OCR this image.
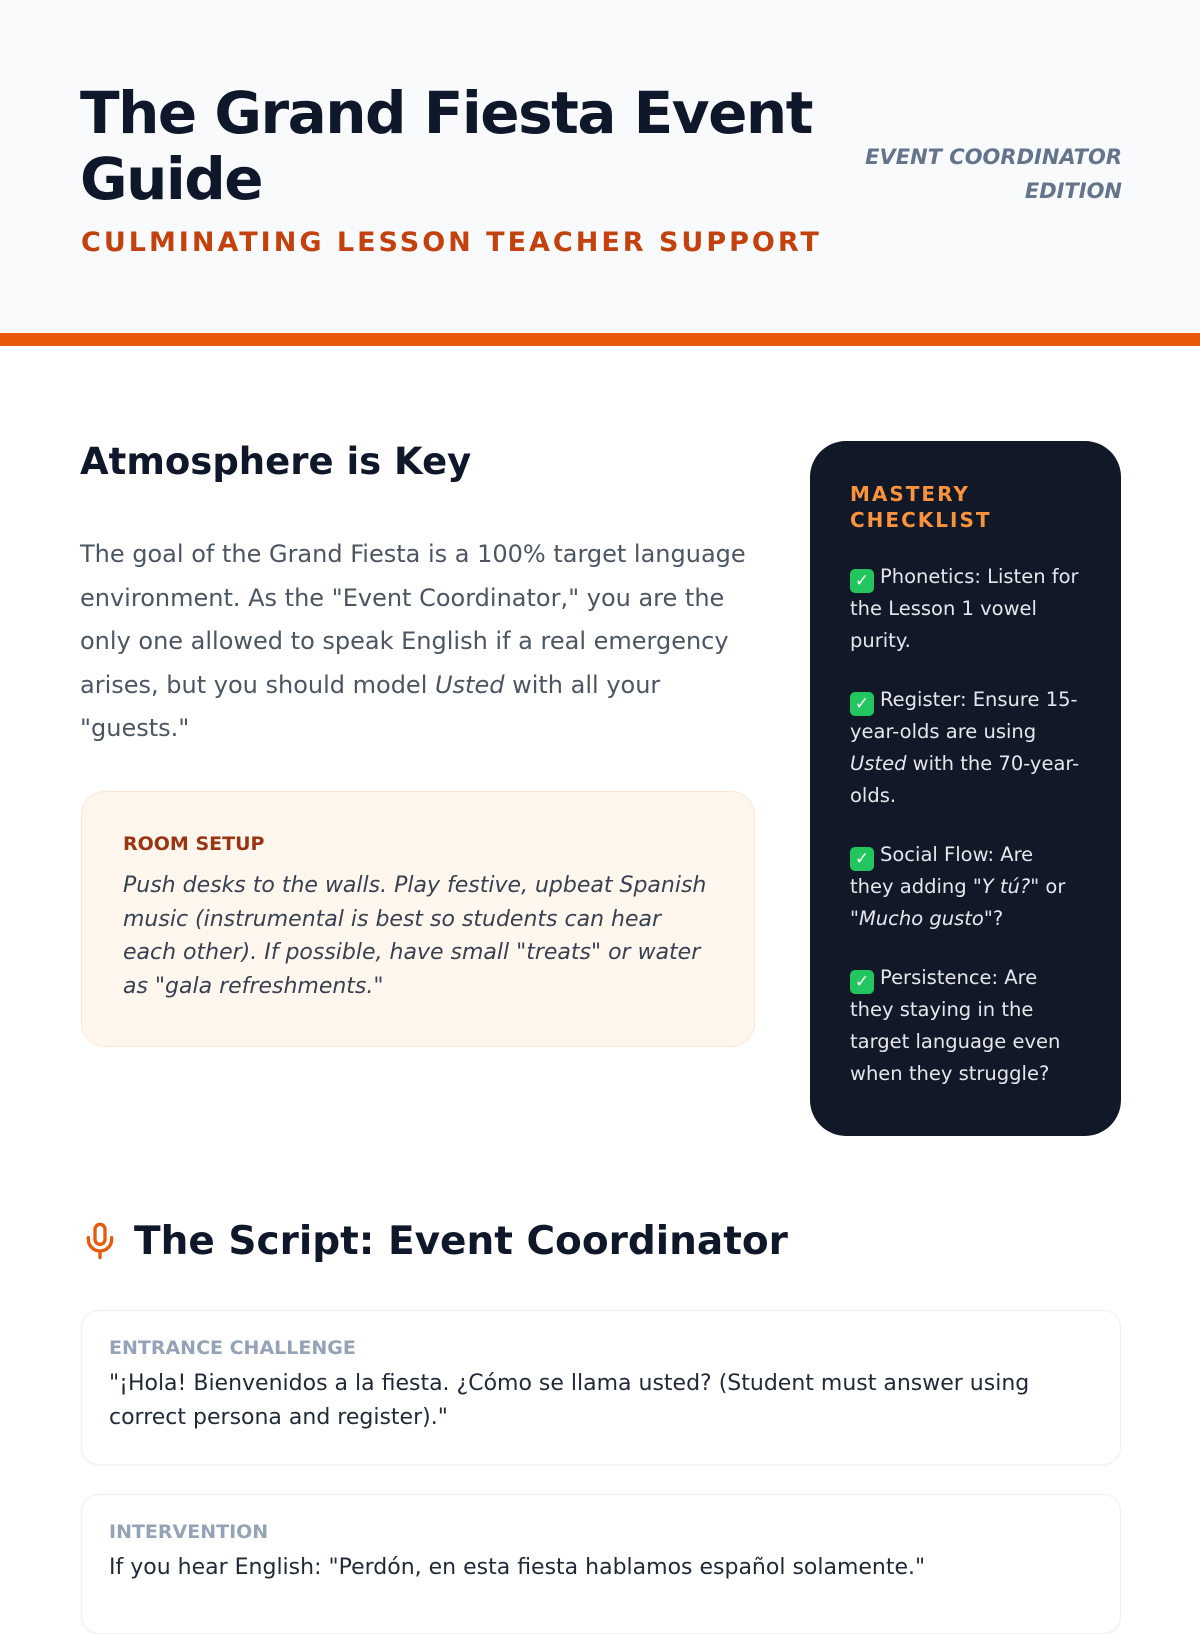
The Grand Fiesta Event Guide
CULMINATING LESSON TEACHER SUPPORT
EVENT COORDINATOR EDITION
Atmosphere is Key

The goal of the Grand Fiesta is a 100% target language environment. As the "Event Coordinator," you are the only one allowed to speak English if a real emergency arises, but you should model Usted with all your "guests."

ROOM SETUP
Push desks to the walls. Play festive, upbeat Spanish music (instrumental is best so students can hear each other). If possible, have small "treats" or water as "gala refreshments."
MASTERY CHECKLIST
✓ Phonetics: Listen for the Lesson 1 vowel purity.
✓ Register: Ensure 15-year-olds are using Usted with the 70-year-olds.
✓ Social Flow: Are they adding "Y tú?" or "Mucho gusto"?
✓ Persistence: Are they staying in the target language even when they struggle?
The Script: Event Coordinator
ENTRANCE CHALLENGE
"¡Hola! Bienvenidos a la fiesta. ¿Cómo se llama usted? (Student must answer using correct persona and register)."
INTERVENTION
If you hear English: "Perdón, en esta fiesta hablamos español solamente."
